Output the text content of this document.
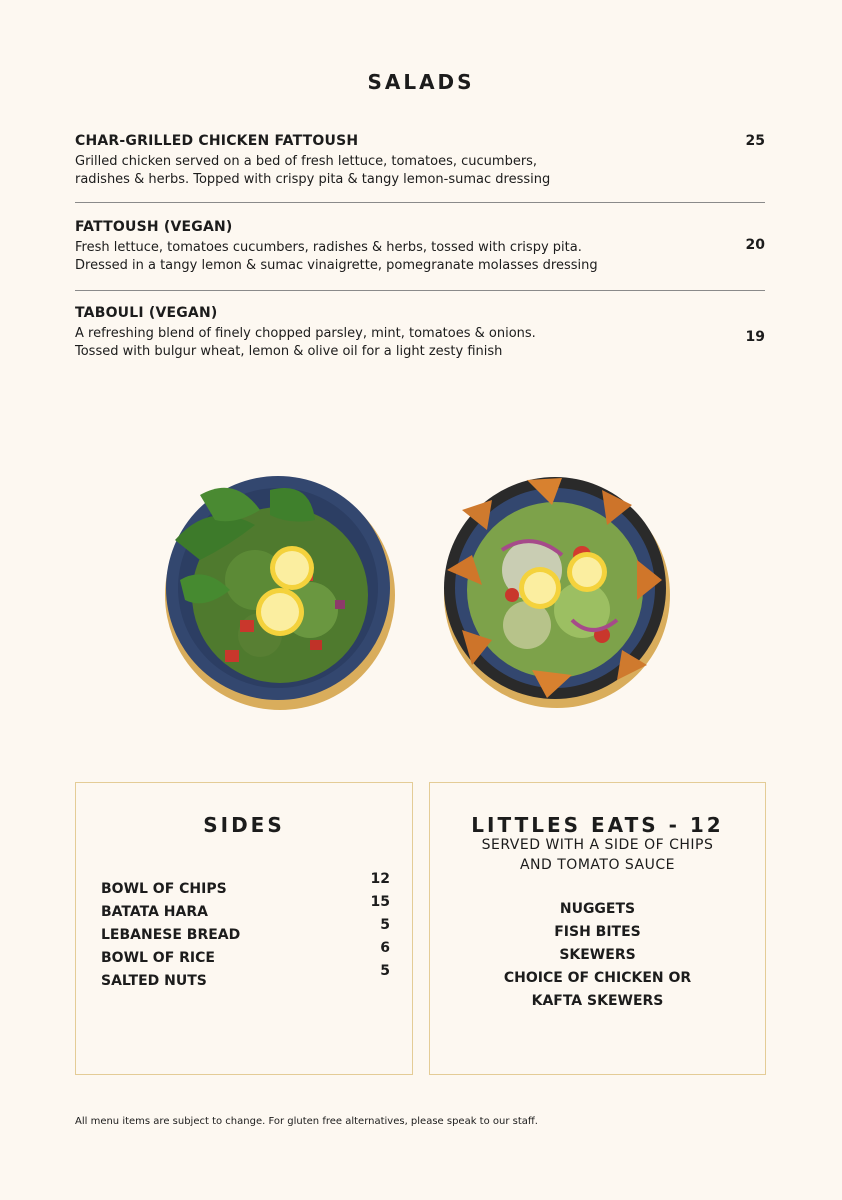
SALADS
CHAR-GRILLED CHICKEN FATTOUSH
Grilled chicken served on a bed of fresh lettuce, tomatoes, cucumbers,
radishes & herbs. Topped with crispy pita & tangy lemon-sumac dressing
25
FATTOUSH (VEGAN)
Fresh lettuce, tomatoes cucumbers, radishes & herbs, tossed with crispy pita.
Dressed in a tangy lemon & sumac vinaigrette, pomegranate molasses dressing
20
TABOULI (VEGAN)
A refreshing blend of finely chopped parsley, mint, tomatoes & onions.
Tossed with bulgur wheat, lemon & olive oil for a light zesty finish
19
SIDES
BOWL OF CHIPS
BATATA HARA
LEBANESE BREAD
BOWL OF RICE
SALTED NUTS
12
15
5
6
5
LITTLES EATS - 12
SERVED WITH A SIDE OF CHIPS
AND TOMATO SAUCE
NUGGETS
FISH BITES
SKEWERS
CHOICE OF CHICKEN OR
KAFTA SKEWERS
All menu items are subject to change. For gluten free alternatives, please speak to our staff.
